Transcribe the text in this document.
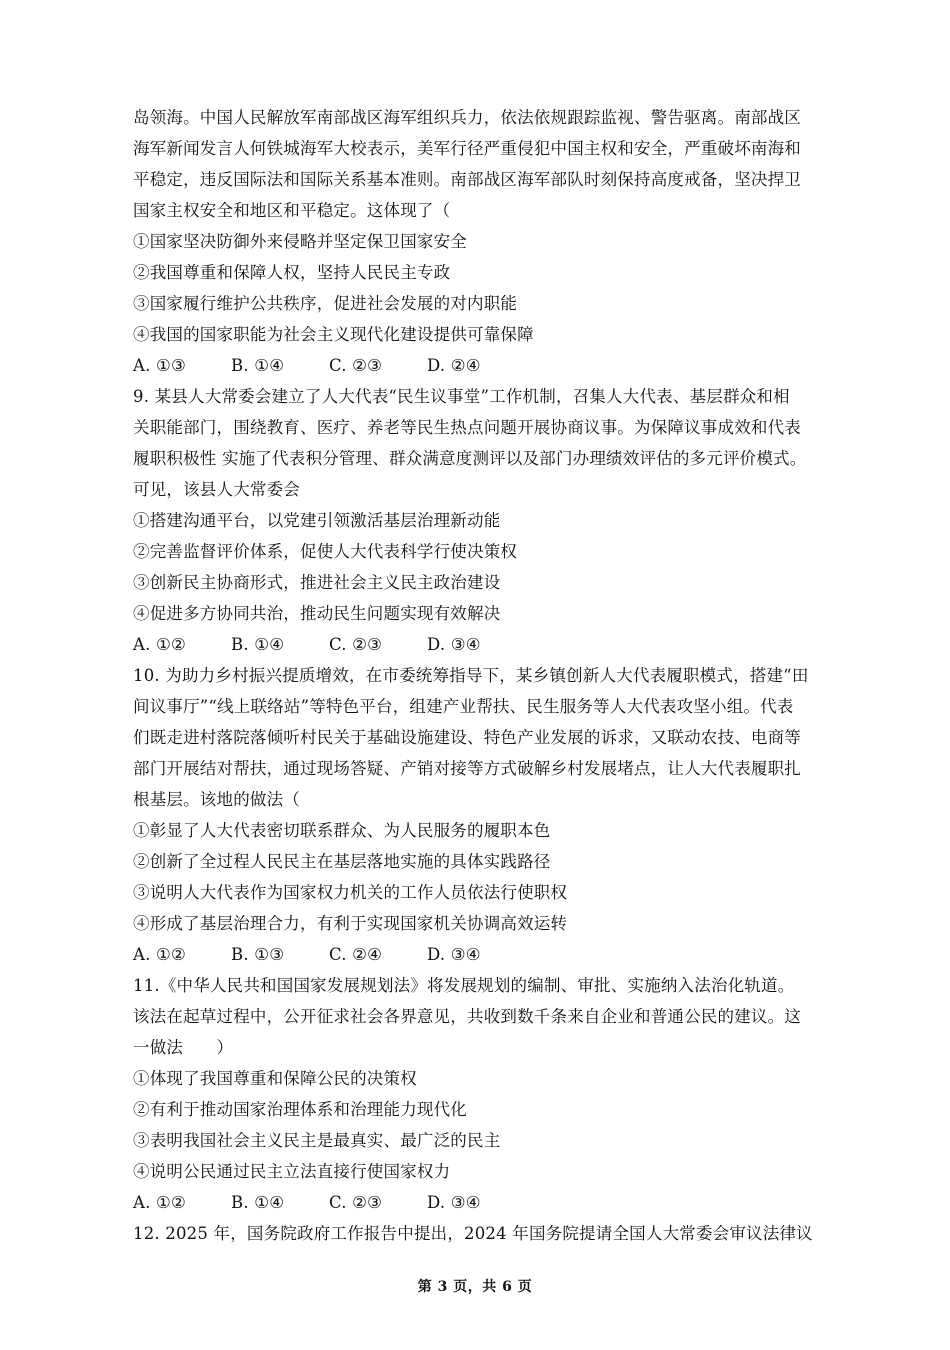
岛领海。中国人民解放军南部战区海军组织兵力，依法依规跟踪监视、警告驱离。南部战区
海军新闻发言人何铁城海军大校表示，美军行径严重侵犯中国主权和安全，严重破坏南海和
平稳定，违反国际法和国际关系基本准则。南部战区海军部队时刻保持高度戒备，坚决捍卫
国家主权安全和地区和平稳定。这体现了（
①国家坚决防御外来侵略并坚定保卫国家安全
②我国尊重和保障人权，坚持人民民主专政
③国家履行维护公共秩序，促进社会发展的对内职能
④我国的国家职能为社会主义现代化建设提供可靠保障
A. ①③	B. ①④	C. ②③	D. ②④
9. 某县人大常委会建立了人大代表“民生议事堂”工作机制，召集人大代表、基层群众和相
关职能部门，围绕教育、医疗、养老等民生热点问题开展协商议事。为保障议事成效和代表
履职积极性 实施了代表积分管理、群众满意度测评以及部门办理绩效评估的多元评价模式。
可见，该县人大常委会
①搭建沟通平台，以党建引领激活基层治理新动能
②完善监督评价体系，促使人大代表科学行使决策权
③创新民主协商形式，推进社会主义民主政治建设
④促进多方协同共治，推动民生问题实现有效解决
A. ①②	B. ①④	C. ②③	D. ③④
10. 为助力乡村振兴提质增效，在市委统筹指导下，某乡镇创新人大代表履职模式，搭建“田
间议事厅”“线上联络站”等特色平台，组建产业帮扶、民生服务等人大代表攻坚小组。代表
们既走进村落院落倾听村民关于基础设施建设、特色产业发展的诉求，又联动农技、电商等
部门开展结对帮扶，通过现场答疑、产销对接等方式破解乡村发展堵点，让人大代表履职扎
根基层。该地的做法（
①彰显了人大代表密切联系群众、为人民服务的履职本色
②创新了全过程人民民主在基层落地实施的具体实践路径
③说明人大代表作为国家权力机关的工作人员依法行使职权
④形成了基层治理合力，有利于实现国家机关协调高效运转
A. ①②	B. ①③	C. ②④	D. ③④
11.《中华人民共和国国家发展规划法》将发展规划的编制、审批、实施纳入法治化轨道。
该法在起草过程中，公开征求社会各界意见，共收到数千条来自企业和普通公民的建议。这
一做法　　）
①体现了我国尊重和保障公民的决策权
②有利于推动国家治理体系和治理能力现代化
③表明我国社会主义民主是最真实、最广泛的民主
④说明公民通过民主立法直接行使国家权力
A. ①②	B. ①④	C. ②③	D. ③④
12. 2025 年，国务院政府工作报告中提出，2024 年国务院提请全国人大常委会审议法律议
第 3 页，共 6 页
